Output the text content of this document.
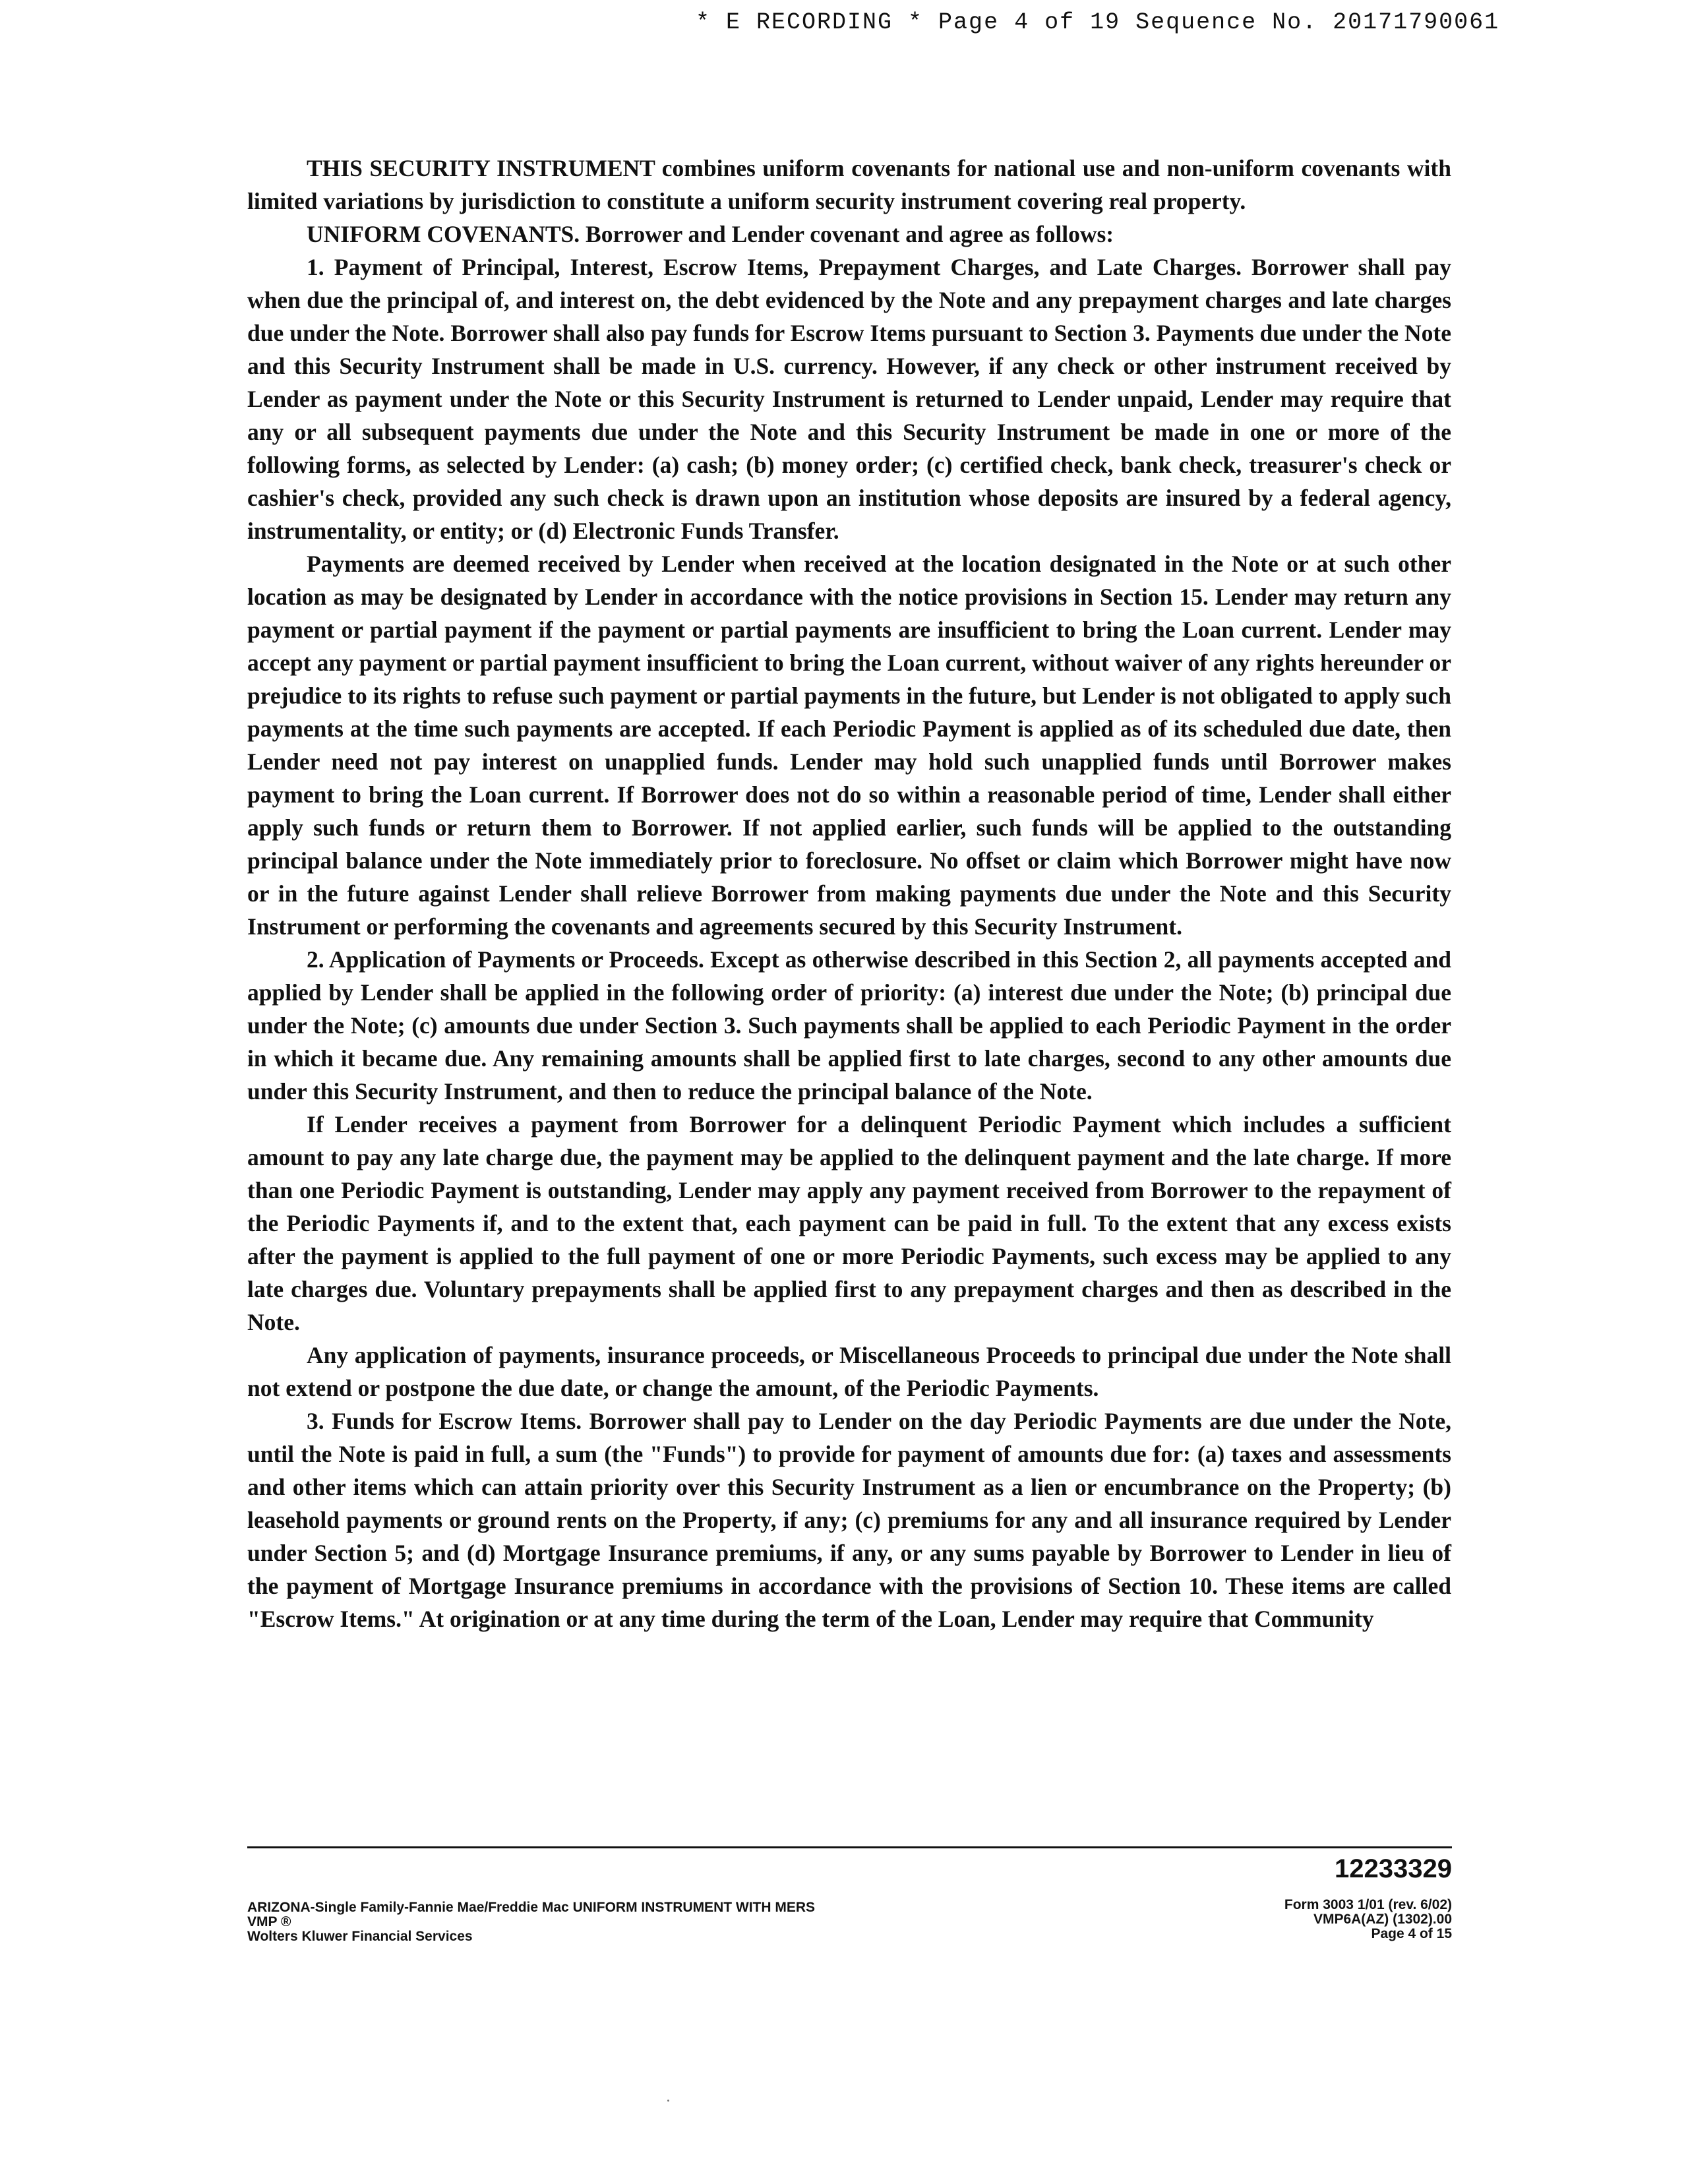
* E RECORDING * Page 4 of 19 Sequence No. 20171790061

THIS SECURITY INSTRUMENT combines uniform covenants for national use and non-uniform covenants with limited variations by jurisdiction to constitute a uniform security instrument covering real property.

UNIFORM COVENANTS. Borrower and Lender covenant and agree as follows:

1. Payment of Principal, Interest, Escrow Items, Prepayment Charges, and Late Charges. Borrower shall pay when due the principal of, and interest on, the debt evidenced by the Note and any prepayment charges and late charges due under the Note. Borrower shall also pay funds for Escrow Items pursuant to Section 3. Payments due under the Note and this Security Instrument shall be made in U.S. currency. However, if any check or other instrument received by Lender as payment under the Note or this Security Instrument is returned to Lender unpaid, Lender may require that any or all subsequent payments due under the Note and this Security Instrument be made in one or more of the following forms, as selected by Lender: (a) cash; (b) money order; (c) certified check, bank check, treasurer's check or cashier's check, provided any such check is drawn upon an institution whose deposits are insured by a federal agency, instrumentality, or entity; or (d) Electronic Funds Transfer.

Payments are deemed received by Lender when received at the location designated in the Note or at such other location as may be designated by Lender in accordance with the notice provisions in Section 15. Lender may return any payment or partial payment if the payment or partial payments are insufficient to bring the Loan current. Lender may accept any payment or partial payment insufficient to bring the Loan current, without waiver of any rights hereunder or prejudice to its rights to refuse such payment or partial payments in the future, but Lender is not obligated to apply such payments at the time such payments are accepted. If each Periodic Payment is applied as of its scheduled due date, then Lender need not pay interest on unapplied funds. Lender may hold such unapplied funds until Borrower makes payment to bring the Loan current. If Borrower does not do so within a reasonable period of time, Lender shall either apply such funds or return them to Borrower. If not applied earlier, such funds will be applied to the outstanding principal balance under the Note immediately prior to foreclosure. No offset or claim which Borrower might have now or in the future against Lender shall relieve Borrower from making payments due under the Note and this Security Instrument or performing the covenants and agreements secured by this Security Instrument.

2. Application of Payments or Proceeds. Except as otherwise described in this Section 2, all payments accepted and applied by Lender shall be applied in the following order of priority: (a) interest due under the Note; (b) principal due under the Note; (c) amounts due under Section 3. Such payments shall be applied to each Periodic Payment in the order in which it became due. Any remaining amounts shall be applied first to late charges, second to any other amounts due under this Security Instrument, and then to reduce the principal balance of the Note.

If Lender receives a payment from Borrower for a delinquent Periodic Payment which includes a sufficient amount to pay any late charge due, the payment may be applied to the delinquent payment and the late charge. If more than one Periodic Payment is outstanding, Lender may apply any payment received from Borrower to the repayment of the Periodic Payments if, and to the extent that, each payment can be paid in full. To the extent that any excess exists after the payment is applied to the full payment of one or more Periodic Payments, such excess may be applied to any late charges due. Voluntary prepayments shall be applied first to any prepayment charges and then as described in the Note.

Any application of payments, insurance proceeds, or Miscellaneous Proceeds to principal due under the Note shall not extend or postpone the due date, or change the amount, of the Periodic Payments.

3. Funds for Escrow Items. Borrower shall pay to Lender on the day Periodic Payments are due under the Note, until the Note is paid in full, a sum (the "Funds") to provide for payment of amounts due for: (a) taxes and assessments and other items which can attain priority over this Security Instrument as a lien or encumbrance on the Property; (b) leasehold payments or ground rents on the Property, if any; (c) premiums for any and all insurance required by Lender under Section 5; and (d) Mortgage Insurance premiums, if any, or any sums payable by Borrower to Lender in lieu of the payment of Mortgage Insurance premiums in accordance with the provisions of Section 10. These items are called "Escrow Items." At origination or at any time during the term of the Loan, Lender may require that Community

12233329
ARIZONA-Single Family-Fannie Mae/Freddie Mac UNIFORM INSTRUMENT WITH MERS
VMP ®
Wolters Kluwer Financial Services
Form 3003 1/01 (rev. 6/02)
VMP6A(AZ) (1302).00
Page 4 of 15
